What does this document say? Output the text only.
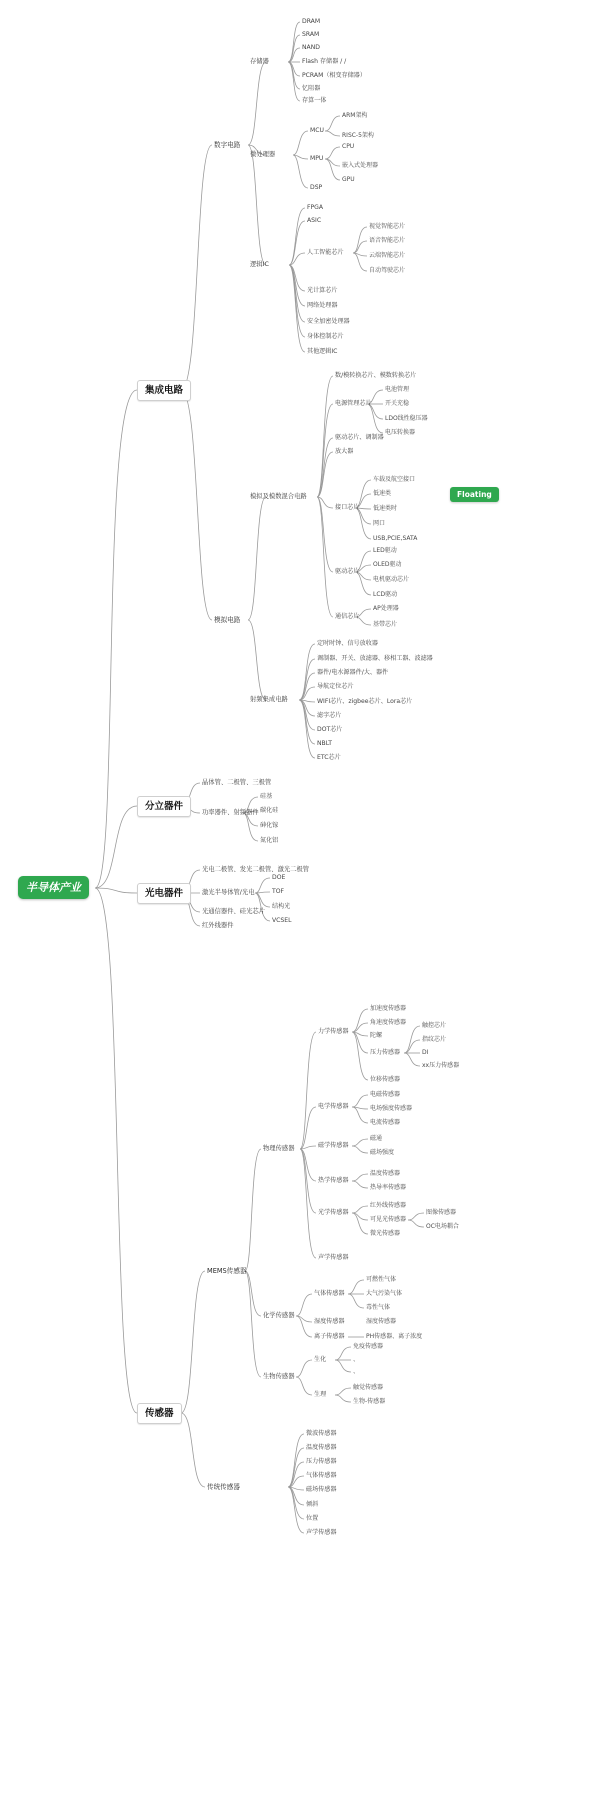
半导体产业
Floating
集成电路
分立器件
光电器件
传感器
数字电路
模拟电路
存储器
DRAM
SRAM
NAND
Flash 存储器 / /
PCRAM（相变存储器）
忆阻器
存算一体
微处理器
MCU
ARM架构
RISC-5架构
MPU
CPU
嵌入式处理器
GPU
DSP
逻辑IC
FPGA
ASIC
人工智能芯片
视觉智能芯片
语音智能芯片
云端智能芯片
自动驾驶芯片
光计算芯片
网络处理器
安全加密处理器
身体控制芯片
其他逻辑IC
模拟及模数混合电路
数/模转换芯片、模数转换芯片
电源管理芯片
电池管理
开关充稳
LDO线性稳压器
电压转换器
驱动芯片、调制器
放大器
接口芯片
车载及航空接口
低速类
低速类时
网口
USB,PCIE,SATA
驱动芯片
LED驱动
OLED驱动
电机驱动芯片
LCD驱动
通信芯片
AP处理器
基带芯片
射频集成电路
定时时钟、信号放收器
调制器、开关、放滤器、移相工器、波滤器
器件/电水源器件/大、器件
导航定位芯片
WIFI芯片、zigbee芯片、Lora芯片
滤字芯片
DOT芯片
NBLT
ETC芯片
晶体管、二极管、三极管
功率器件、射频器件
硅基
碳化硅
砷化镓
氮化铝
光电二极管、发光二极管、激光二极管
激光半导体管/光电
DOE
TOF
结构光
VCSEL
光通信器件、硅光芯片
红外线器件
MEMS传感器
传统传感器
物理传感器
化学传感器
生物传感器
力学传感器
加速度传感器
角速度传感器
陀螺
压力传感器
触控芯片
指纹芯片
DI
xx压力传感器
位移传感器
电学传感器
电磁传感器
电场强度传感器
电流传感器
磁学传感器
磁通
磁场强度
热学传感器
温度传感器
热导率传感器
光学传感器
红外线传感器
可见光传感器
微光传感器
图像传感器
OC电场耦合
声学传感器
气体传感器
可燃性气体
大气污染气体
毒性气体
湿度传感器	湿度传感器
离子传感器	PH传感器、离子浓度
生化
免疫传感器
、
、
生理
触觉传感器
生物-传感器
微波传感器
温度传感器
压力传感器
气体传感器
磁场传感器
倾斜
位置
声学传感器
